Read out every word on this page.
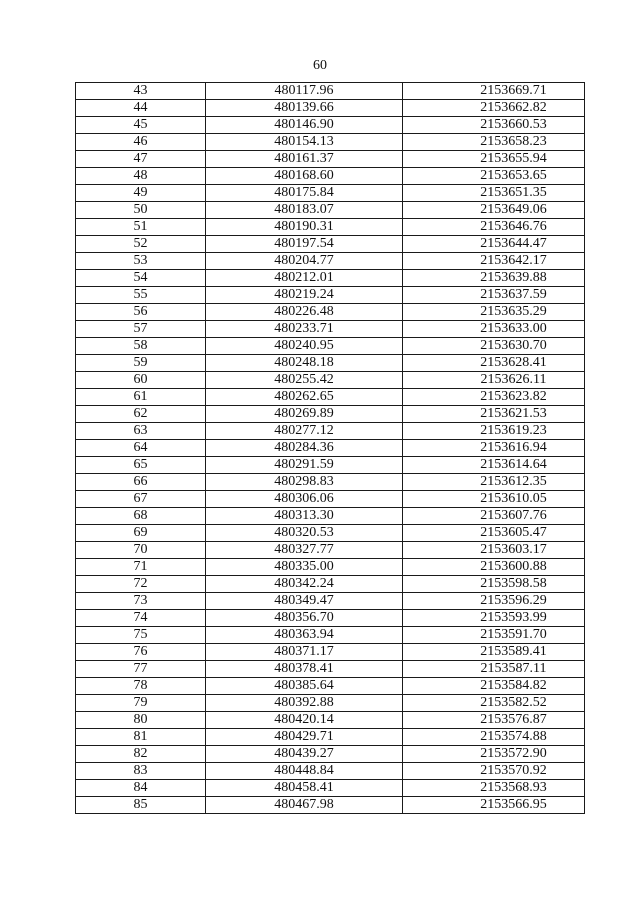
60
43	480117.96	2153669.71
44	480139.66	2153662.82
45	480146.90	2153660.53
46	480154.13	2153658.23
47	480161.37	2153655.94
48	480168.60	2153653.65
49	480175.84	2153651.35
50	480183.07	2153649.06
51	480190.31	2153646.76
52	480197.54	2153644.47
53	480204.77	2153642.17
54	480212.01	2153639.88
55	480219.24	2153637.59
56	480226.48	2153635.29
57	480233.71	2153633.00
58	480240.95	2153630.70
59	480248.18	2153628.41
60	480255.42	2153626.11
61	480262.65	2153623.82
62	480269.89	2153621.53
63	480277.12	2153619.23
64	480284.36	2153616.94
65	480291.59	2153614.64
66	480298.83	2153612.35
67	480306.06	2153610.05
68	480313.30	2153607.76
69	480320.53	2153605.47
70	480327.77	2153603.17
71	480335.00	2153600.88
72	480342.24	2153598.58
73	480349.47	2153596.29
74	480356.70	2153593.99
75	480363.94	2153591.70
76	480371.17	2153589.41
77	480378.41	2153587.11
78	480385.64	2153584.82
79	480392.88	2153582.52
80	480420.14	2153576.87
81	480429.71	2153574.88
82	480439.27	2153572.90
83	480448.84	2153570.92
84	480458.41	2153568.93
85	480467.98	2153566.95
